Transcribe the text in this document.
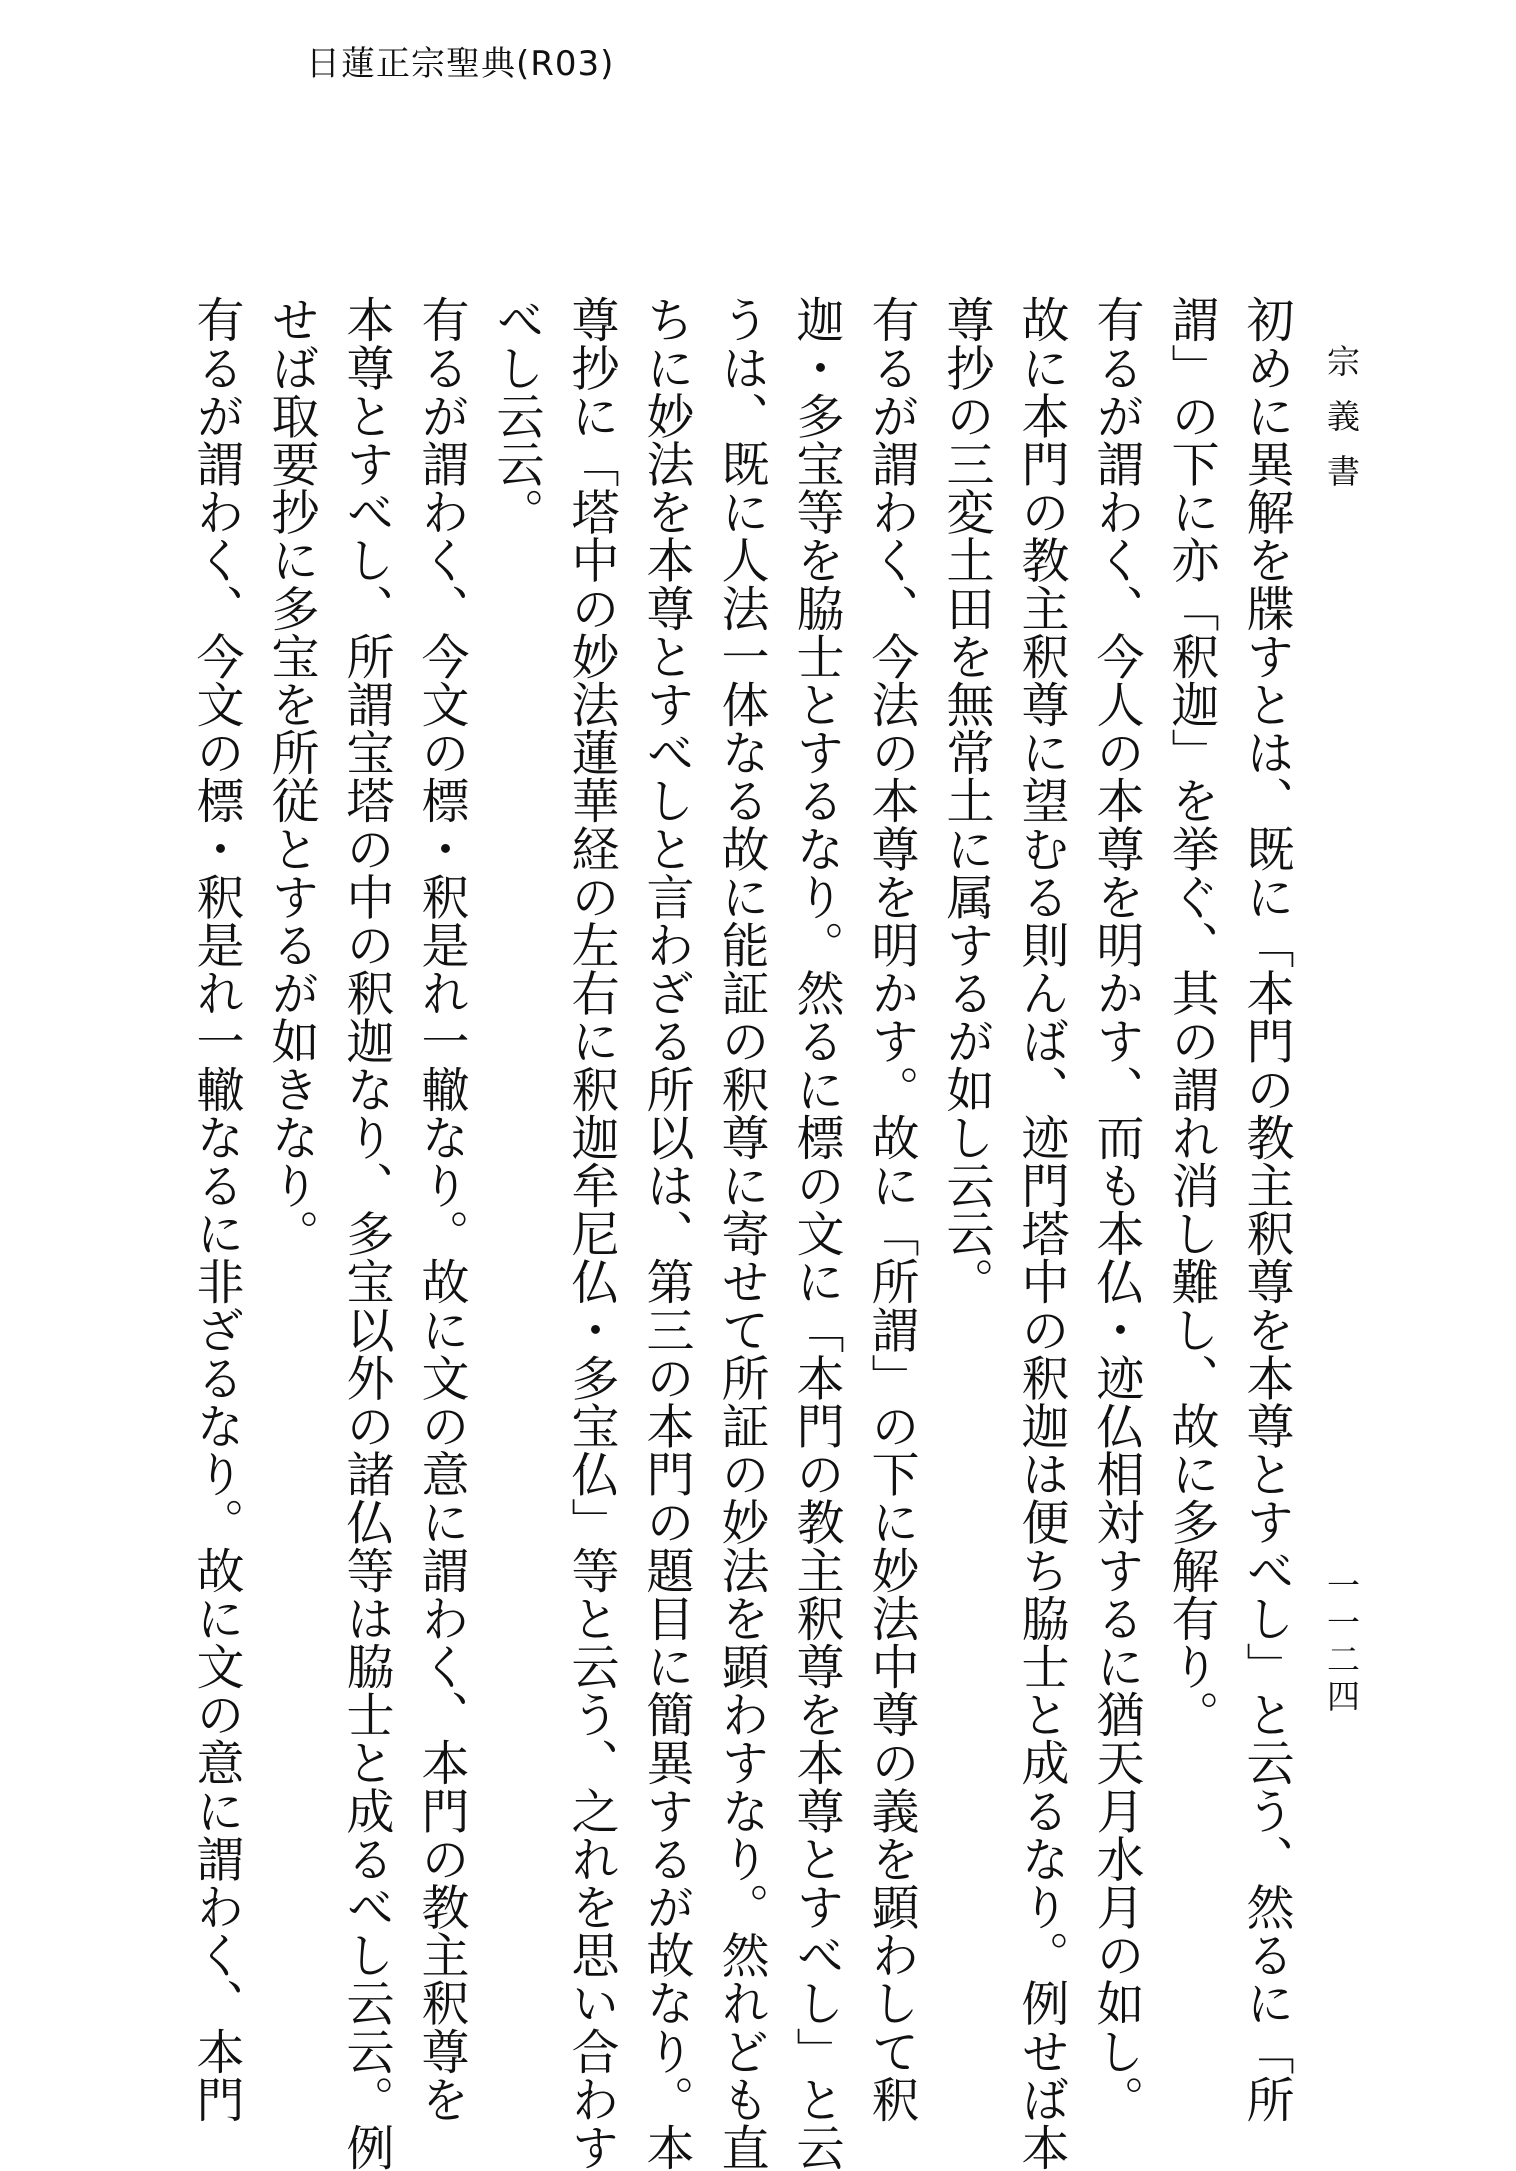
日蓮正宗聖典(R03)
宗義書
一一二四

初めに異解を牒すとは、既に「本門の教主釈尊を本尊とすべし」と云う、然るに「所

謂」の下に亦「釈迦」を挙ぐ、其の謂れ消し難し、故に多解有り。

有るが謂わく、今人の本尊を明かす、而も本仏・迹仏相対するに猶天月水月の如し。

故に本門の教主釈尊に望むる則んば、迹門塔中の釈迦は便ち脇士と成るなり。例せば本

尊抄の三変土田を無常土に属するが如し云云。

有るが謂わく、今法の本尊を明かす。故に「所謂」の下に妙法中尊の義を顕わして釈

迦・多宝等を脇士とするなり。然るに標の文に「本門の教主釈尊を本尊とすべし」と云

うは、既に人法一体なる故に能証の釈尊に寄せて所証の妙法を顕わすなり。然れども直

ちに妙法を本尊とすべしと言わざる所以は、第三の本門の題目に簡異するが故なり。本

尊抄に「塔中の妙法蓮華経の左右に釈迦牟尼仏・多宝仏」等と云う、之れを思い合わす

べし云云。

有るが謂わく、今文の標・釈是れ一轍なり。故に文の意に謂わく、本門の教主釈尊を

本尊とすべし、所謂宝塔の中の釈迦なり、多宝以外の諸仏等は脇士と成るべし云云。例

せば取要抄に多宝を所従とするが如きなり。

有るが謂わく、今文の標・釈是れ一轍なるに非ざるなり。故に文の意に謂わく、本門
